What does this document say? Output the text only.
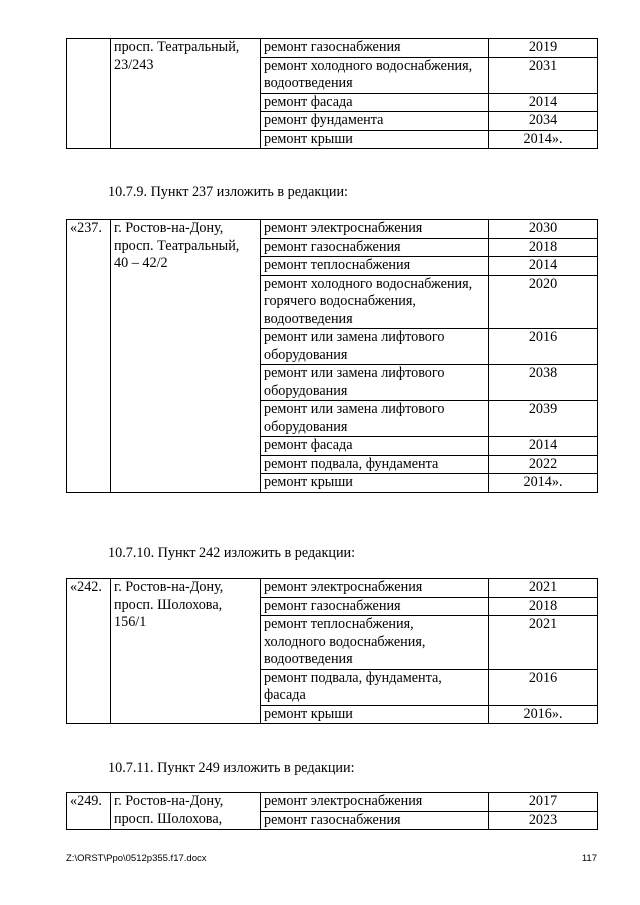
	просп. Театральный,
23/243	ремонт газоснабжения	2019
		ремонт холодного водоснабжения,
водоотведения	2031
		ремонт фасада	2014
		ремонт фундамента	2034
		ремонт крыши	2014».
10.7.9. Пункт 237 изложить в редакции:
«237.	г. Ростов-на-Дону,
просп. Театральный,
40 – 42/2	ремонт электроснабжения	2030
		ремонт газоснабжения	2018
		ремонт теплоснабжения	2014
		ремонт холодного водоснабжения,
горячего водоснабжения,
водоотведения	2020
		ремонт или замена лифтового
оборудования	2016
		ремонт или замена лифтового
оборудования	2038
		ремонт или замена лифтового
оборудования	2039
		ремонт фасада	2014
		ремонт подвала, фундамента	2022
		ремонт крыши	2014».
10.7.10. Пункт 242 изложить в редакции:
«242.	г. Ростов-на-Дону,
просп. Шолохова,
156/1	ремонт электроснабжения	2021
		ремонт газоснабжения	2018
		ремонт теплоснабжения,
холодного водоснабжения,
водоотведения	2021
		ремонт подвала, фундамента,
фасада	2016
		ремонт крыши	2016».
10.7.11. Пункт 249 изложить в редакции:
«249.	г. Ростов-на-Дону,
просп. Шолохова,	ремонт электроснабжения	2017
		ремонт газоснабжения	2023
Z:\ORST\Ppo\0512p355.f17.docx	117
